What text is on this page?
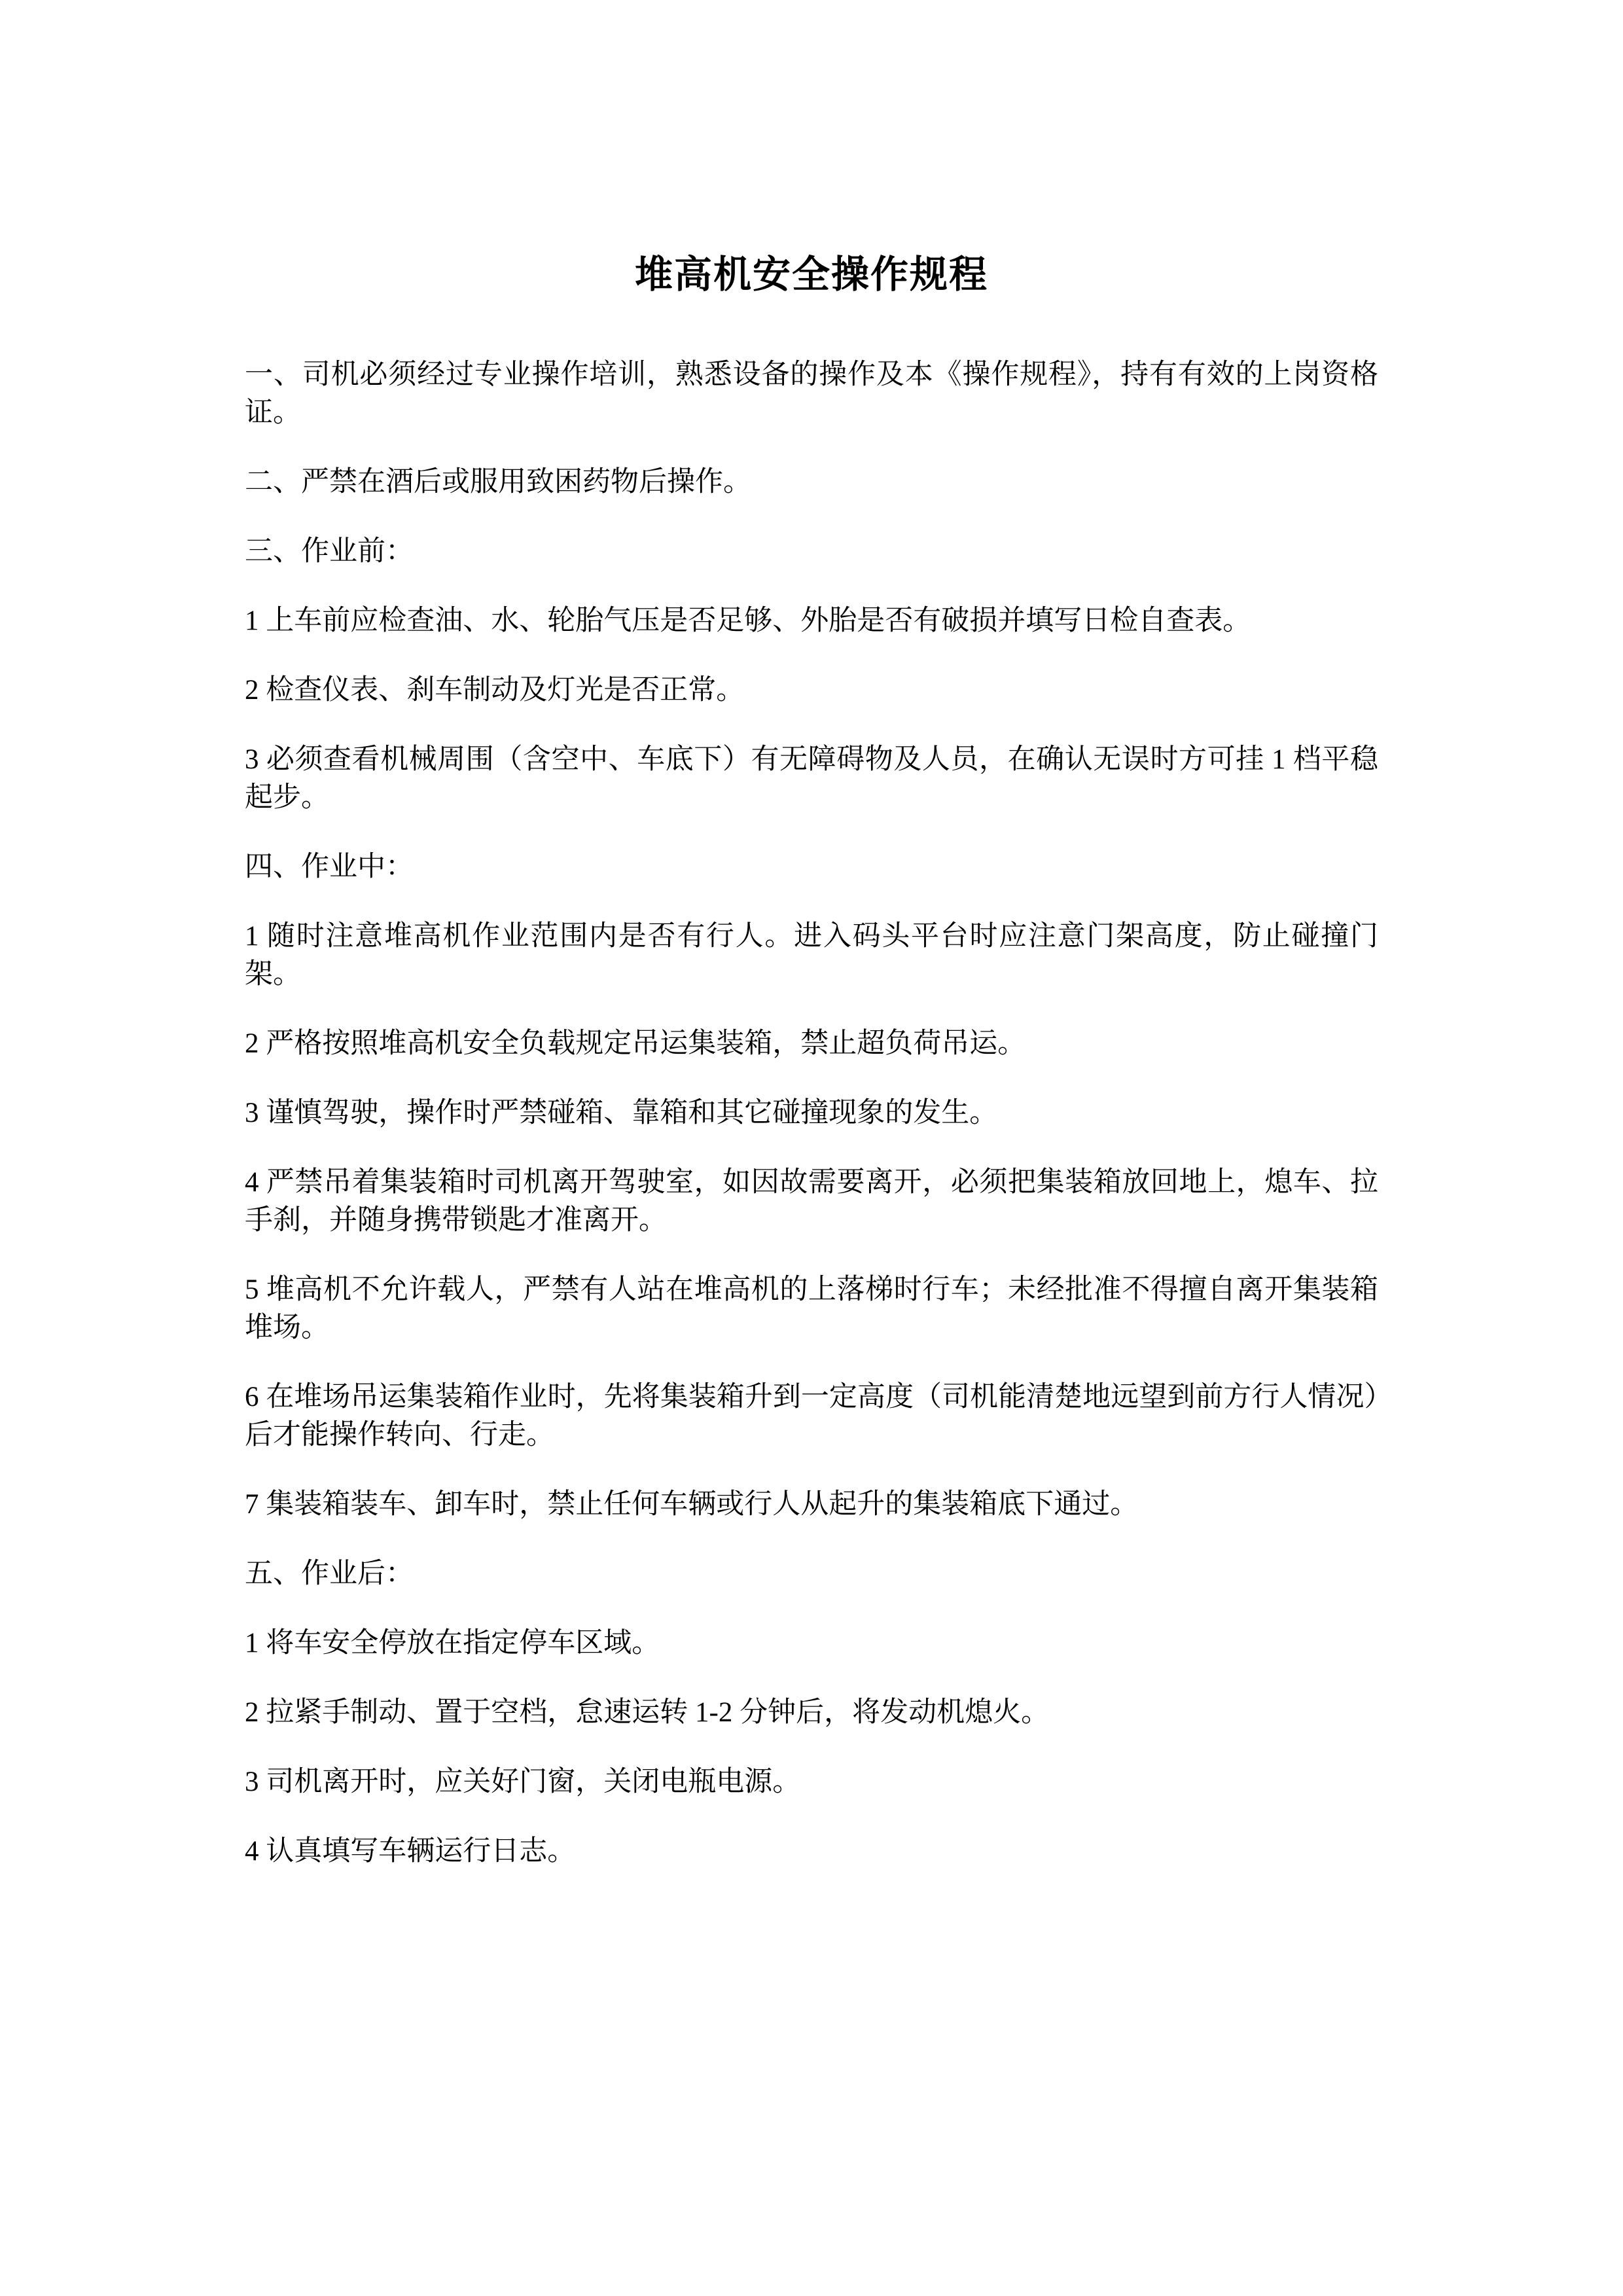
堆高机安全操作规程

一、司机必须经过专业操作培训，熟悉设备的操作及本《操作规程》，持有有效的上岗资格证。

二、严禁在酒后或服用致困药物后操作。

三、作业前：

1 上车前应检查油、水、轮胎气压是否足够、外胎是否有破损并填写日检自查表。

2 检查仪表、刹车制动及灯光是否正常。

3 必须查看机械周围（含空中、车底下）有无障碍物及人员，在确认无误时方可挂 1 档平稳起步。

四、作业中：

1 随时注意堆高机作业范围内是否有行人。进入码头平台时应注意门架高度，防止碰撞门架。

2 严格按照堆高机安全负载规定吊运集装箱，禁止超负荷吊运。

3 谨慎驾驶，操作时严禁碰箱、靠箱和其它碰撞现象的发生。

4 严禁吊着集装箱时司机离开驾驶室，如因故需要离开，必须把集装箱放回地上，熄车、拉手刹，并随身携带锁匙才准离开。

5 堆高机不允许载人，严禁有人站在堆高机的上落梯时行车；未经批准不得擅自离开集装箱堆场。

6 在堆场吊运集装箱作业时，先将集装箱升到一定高度（司机能清楚地远望到前方行人情况）后才能操作转向、行走。

7 集装箱装车、卸车时，禁止任何车辆或行人从起升的集装箱底下通过。

五、作业后：

1 将车安全停放在指定停车区域。

2 拉紧手制动、置于空档，怠速运转 1-2 分钟后，将发动机熄火。

3 司机离开时，应关好门窗，关闭电瓶电源。

4 认真填写车辆运行日志。
